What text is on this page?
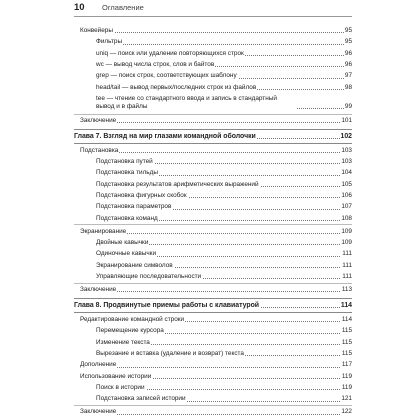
10 Оглавление
Конвейеры	95
Фильтры	95
uniq — поиск или удаление повторяющихся строк	96
wc — вывод числа строк, слов и байтов	96
grep — поиск строк, соответствующих шаблону	97
head/tail — вывод первых/последних строк из файлов	98
tee — чтение со стандартного ввода и запись в стандартный вывод и в файлы	99
Заключение	101
Глава 7. Взгляд на мир глазами командной оболочки	102
Подстановка	103
Подстановка путей	103
Подстановка тильды	104
Подстановка результатов арифметических выражений	105
Подстановка фигурных скобок	106
Подстановка параметров	107
Подстановка команд	108
Экранирование	109
Двойные кавычки	109
Одиночные кавычки	111
Экранирование символов	111
Управляющие последовательности	111
Заключение	113
Глава 8. Продвинутые приемы работы с клавиатурой	114
Редактирование командной строки	114
Перемещение курсора	115
Изменение текста	115
Вырезание и вставка (удаление и возврат) текста	115
Дополнение	117
Использование истории	119
Поиск в истории	119
Подстановка записей истории	121
Заключение	122
